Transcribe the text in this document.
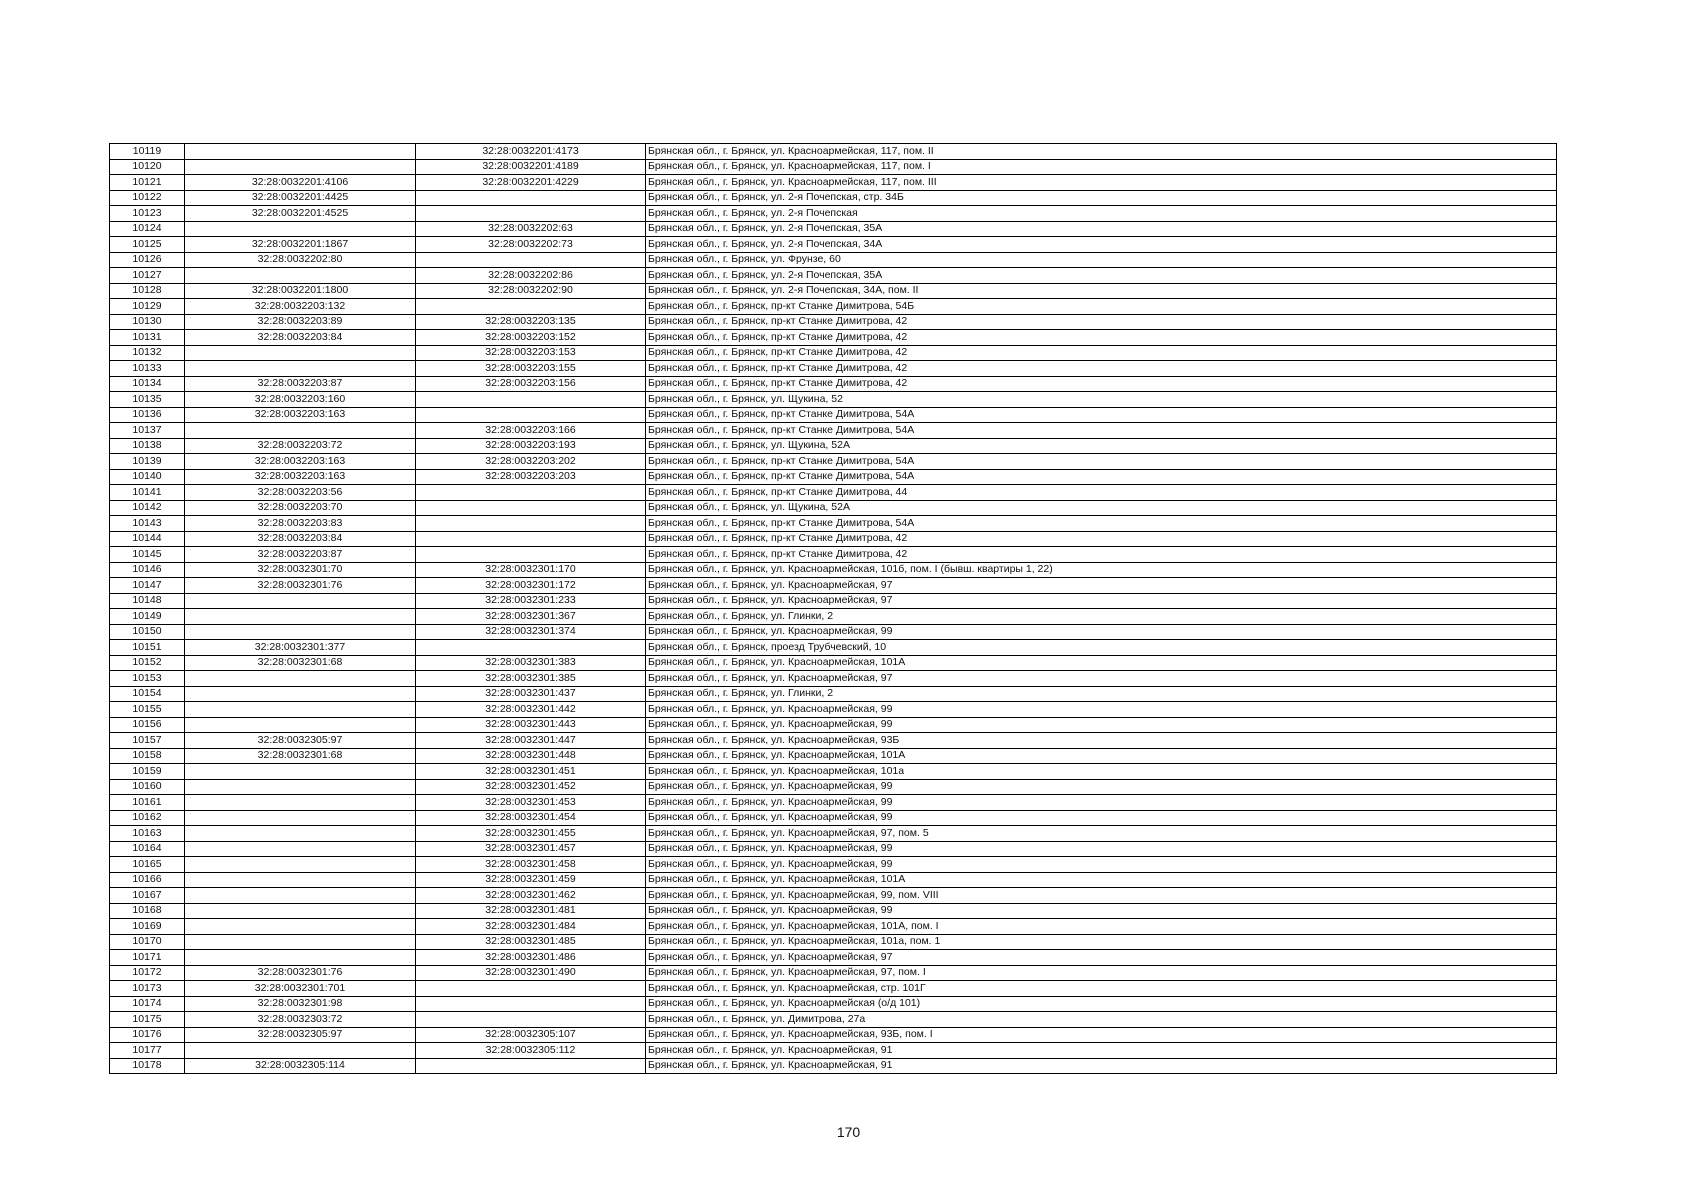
10119		32:28:0032201:4173	Брянская обл., г. Брянск, ул. Красноармейская, 117, пом. II
10120		32:28:0032201:4189	Брянская обл., г. Брянск, ул. Красноармейская, 117, пом. I
10121	32:28:0032201:4106	32:28:0032201:4229	Брянская обл., г. Брянск, ул. Красноармейская, 117, пом. III
10122	32:28:0032201:4425		Брянская обл., г. Брянск, ул. 2-я Почепская, стр. 34Б
10123	32:28:0032201:4525		Брянская обл., г. Брянск, ул. 2-я Почепская
10124		32:28:0032202:63	Брянская обл., г. Брянск, ул. 2-я Почепская, 35А
10125	32:28:0032201:1867	32:28:0032202:73	Брянская обл., г. Брянск, ул. 2-я Почепская, 34А
10126	32:28:0032202:80		Брянская обл., г. Брянск, ул. Фрунзе, 60
10127		32:28:0032202:86	Брянская обл., г. Брянск, ул. 2-я Почепская, 35А
10128	32:28:0032201:1800	32:28:0032202:90	Брянская обл., г. Брянск, ул. 2-я Почепская, 34А, пом. II
10129	32:28:0032203:132		Брянская обл., г. Брянск, пр-кт Станке Димитрова, 54Б
10130	32:28:0032203:89	32:28:0032203:135	Брянская обл., г. Брянск, пр-кт Станке Димитрова, 42
10131	32:28:0032203:84	32:28:0032203:152	Брянская обл., г. Брянск, пр-кт Станке Димитрова, 42
10132		32:28:0032203:153	Брянская обл., г. Брянск, пр-кт Станке Димитрова, 42
10133		32:28:0032203:155	Брянская обл., г. Брянск, пр-кт Станке Димитрова, 42
10134	32:28:0032203:87	32:28:0032203:156	Брянская обл., г. Брянск, пр-кт Станке Димитрова, 42
10135	32:28:0032203:160		Брянская обл., г. Брянск, ул. Щукина, 52
10136	32:28:0032203:163		Брянская обл., г. Брянск, пр-кт Станке Димитрова, 54А
10137		32:28:0032203:166	Брянская обл., г. Брянск, пр-кт Станке Димитрова, 54А
10138	32:28:0032203:72	32:28:0032203:193	Брянская обл., г. Брянск, ул. Щукина, 52А
10139	32:28:0032203:163	32:28:0032203:202	Брянская обл., г. Брянск, пр-кт Станке Димитрова, 54А
10140	32:28:0032203:163	32:28:0032203:203	Брянская обл., г. Брянск, пр-кт Станке Димитрова, 54А
10141	32:28:0032203:56		Брянская обл., г. Брянск, пр-кт Станке Димитрова, 44
10142	32:28:0032203:70		Брянская обл., г. Брянск, ул. Щукина, 52А
10143	32:28:0032203:83		Брянская обл., г. Брянск, пр-кт Станке Димитрова, 54А
10144	32:28:0032203:84		Брянская обл., г. Брянск, пр-кт Станке Димитрова, 42
10145	32:28:0032203:87		Брянская обл., г. Брянск, пр-кт Станке Димитрова, 42
10146	32:28:0032301:70	32:28:0032301:170	Брянская обл., г. Брянск, ул. Красноармейская, 101б, пом. I (бывш. квартиры 1, 22)
10147	32:28:0032301:76	32:28:0032301:172	Брянская обл., г. Брянск, ул. Красноармейская, 97
10148		32:28:0032301:233	Брянская обл., г. Брянск, ул. Красноармейская, 97
10149		32:28:0032301:367	Брянская обл., г. Брянск, ул. Глинки, 2
10150		32:28:0032301:374	Брянская обл., г. Брянск, ул. Красноармейская, 99
10151	32:28:0032301:377		Брянская обл., г. Брянск, проезд Трубчевский, 10
10152	32:28:0032301:68	32:28:0032301:383	Брянская обл., г. Брянск, ул. Красноармейская, 101А
10153		32:28:0032301:385	Брянская обл., г. Брянск, ул. Красноармейская, 97
10154		32:28:0032301:437	Брянская обл., г. Брянск, ул. Глинки, 2
10155		32:28:0032301:442	Брянская обл., г. Брянск, ул. Красноармейская, 99
10156		32:28:0032301:443	Брянская обл., г. Брянск, ул. Красноармейская, 99
10157	32:28:0032305:97	32:28:0032301:447	Брянская обл., г. Брянск, ул. Красноармейская, 93Б
10158	32:28:0032301:68	32:28:0032301:448	Брянская обл., г. Брянск, ул. Красноармейская, 101А
10159		32:28:0032301:451	Брянская обл., г. Брянск, ул. Красноармейская, 101а
10160		32:28:0032301:452	Брянская обл., г. Брянск, ул. Красноармейская, 99
10161		32:28:0032301:453	Брянская обл., г. Брянск, ул. Красноармейская, 99
10162		32:28:0032301:454	Брянская обл., г. Брянск, ул. Красноармейская, 99
10163		32:28:0032301:455	Брянская обл., г. Брянск, ул. Красноармейская, 97, пом. 5
10164		32:28:0032301:457	Брянская обл., г. Брянск, ул. Красноармейская, 99
10165		32:28:0032301:458	Брянская обл., г. Брянск, ул. Красноармейская, 99
10166		32:28:0032301:459	Брянская обл., г. Брянск, ул. Красноармейская, 101А
10167		32:28:0032301:462	Брянская обл., г. Брянск, ул. Красноармейская, 99, пом. VIII
10168		32:28:0032301:481	Брянская обл., г. Брянск, ул. Красноармейская, 99
10169		32:28:0032301:484	Брянская обл., г. Брянск, ул. Красноармейская, 101А, пом. I
10170		32:28:0032301:485	Брянская обл., г. Брянск, ул. Красноармейская, 101а, пом. 1
10171		32:28:0032301:486	Брянская обл., г. Брянск, ул. Красноармейская, 97
10172	32:28:0032301:76	32:28:0032301:490	Брянская обл., г. Брянск, ул. Красноармейская, 97, пом. I
10173	32:28:0032301:701		Брянская обл., г. Брянск, ул. Красноармейская, стр. 101Г
10174	32:28:0032301:98		Брянская обл., г. Брянск, ул. Красноармейская (о/д 101)
10175	32:28:0032303:72		Брянская обл., г. Брянск, ул. Димитрова, 27а
10176	32:28:0032305:97	32:28:0032305:107	Брянская обл., г. Брянск, ул. Красноармейская, 93Б, пом. I
10177		32:28:0032305:112	Брянская обл., г. Брянск, ул. Красноармейская, 91
10178	32:28:0032305:114		Брянская обл., г. Брянск, ул. Красноармейская, 91
170
